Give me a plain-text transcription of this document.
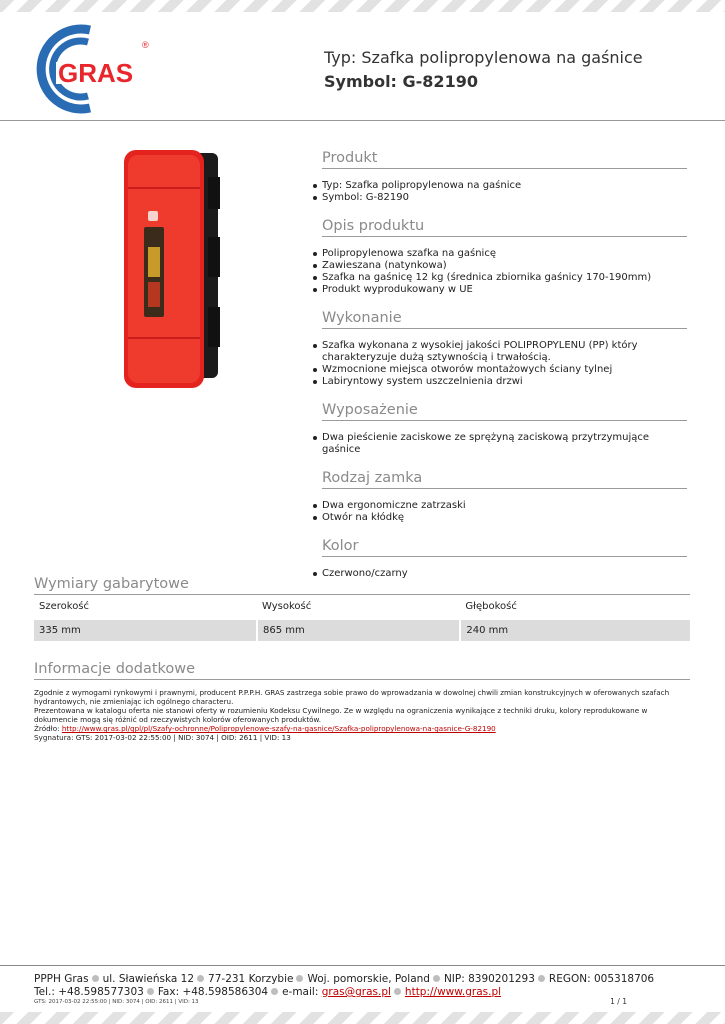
GRAS
®
Typ: Szafka polipropylenowa na gaśnice
Symbol: G-82190
Produkt
Typ: Szafka polipropylenowa na gaśnice
Symbol: G-82190
Opis produktu
Polipropylenowa szafka na gaśnicę
Zawieszana (natynkowa)
Szafka na gaśnicę 12 kg (średnica zbiornika gaśnicy 170-190mm)
Produkt wyprodukowany w UE
Wykonanie
Szafka wykonana z wysokiej jakości POLIPROPYLENU (PP) który charakteryzuje dużą sztywnością i trwałością.
Wzmocnione miejsca otworów montażowych ściany tylnej
Labiryntowy system uszczelnienia drzwi
Wyposażenie
Dwa pieścienie zaciskowe ze sprężyną zaciskową przytrzymujące gaśnice
Rodzaj zamka
Dwa ergonomiczne zatrzaski
Otwór na kłódkę
Kolor
Czerwono/czarny
Wymiary gabarytowe
Szerokość	Wysokość	Głębokość
335 mm	865 mm	240 mm
Informacje dodatkowe

Zgodnie z wymogami rynkowymi i prawnymi, producent P.P.P.H. GRAS zastrzega sobie prawo do wprowadzania w dowolnej chwili zmian konstrukcyjnych w oferowanych szafach hydrantowych, nie zmieniając ich ogólnego characteru.

Prezentowana w katalogu oferta nie stanowi oferty w rozumieniu Kodeksu Cywilnego. Ze w względu na ograniczenia wynikające z techniki druku, kolory reprodukowane w dokumencie mogą się różnić od rzeczywistych kolorów oferowanych produktów.

Źródło: http://www.gras.pl/gpl/pl/Szafy-ochronne/Polipropylenowe-szafy-na-gasnice/Szafka-polipropylenowa-na-gasnice-G-82190

Sygnatura: GTS: 2017-03-02 22:55:00 | NID: 3074 | OID: 2611 | VID: 13

PPPH Gras ul. Sławieńska 12 77-231 Korzybie Woj. pomorskie, Poland NIP: 8390201293 REGON: 005318706
Tel.: +48.598577303 Fax: +48.598586304 e-mail: gras@gras.pl http://www.gras.pl
GTS: 2017-03-02 22:55:00 | NID: 3074 | OID: 2611 | VID: 13	1 / 1
